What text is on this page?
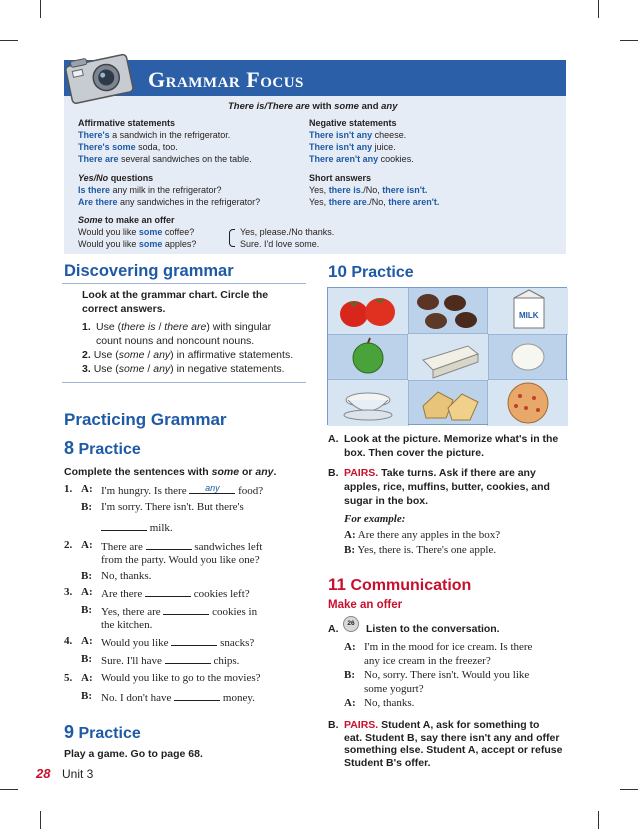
Grammar Focus
There is/There are with some and any
Affirmative statements
There's a sandwich in the refrigerator.
There's some soda, too.
There are several sandwiches on the table.
Negative statements
There isn't any cheese.
There isn't any juice.
There aren't any cookies.
Yes/No questions
Is there any milk in the refrigerator?
Are there any sandwiches in the refrigerator?
Short answers
Yes, there is./No, there isn't.
Yes, there are./No, there aren't.
Some to make an offer
Would you like some coffee?
Would you like some apples?
Yes, please./No thanks.
Sure. I'd love some.
Discovering grammar
Look at the grammar chart. Circle the
correct answers.
1. Use (there is / there are) with singular
count nouns and noncount nouns.
2. Use (some / any) in affirmative statements.
3. Use (some / any) in negative statements.
Practicing Grammar
8 Practice
Complete the sentences with some or any.
1. A: I'm hungry. Is there	any	food?
B: I'm sorry. There isn't. But there's
milk.
2. A: There are	sandwiches left
from the party. Would you like one?
B: No, thanks.
3. A: Are there	cookies left?
B: Yes, there are	cookies in
the kitchen.
4. A: Would you like	snacks?
B: Sure. I'll have	chips.
5. A: Would you like to go to the movies?
B: No. I don't have	money.
9 Practice
Play a game. Go to page 68.
28 Unit 3
10 Practice
MILK
A. Look at the picture. Memorize what's in the
box. Then cover the picture.
B. PAIRS. Take turns. Ask if there are any
apples, rice, muffins, butter, cookies, and
sugar in the box.
For example:
A: Are there any apples in the box?
B: Yes, there is. There's one apple.
11 Communication
Make an offer
A.	26	Listen to the conversation.
A: I'm in the mood for ice cream. Is there
any ice cream in the freezer?
B: No, sorry. There isn't. Would you like
some yogurt?
A: No, thanks.
B. PAIRS. Student A, ask for something to
eat. Student B, say there isn't any and offer
something else. Student A, accept or refuse
Student B's offer.
